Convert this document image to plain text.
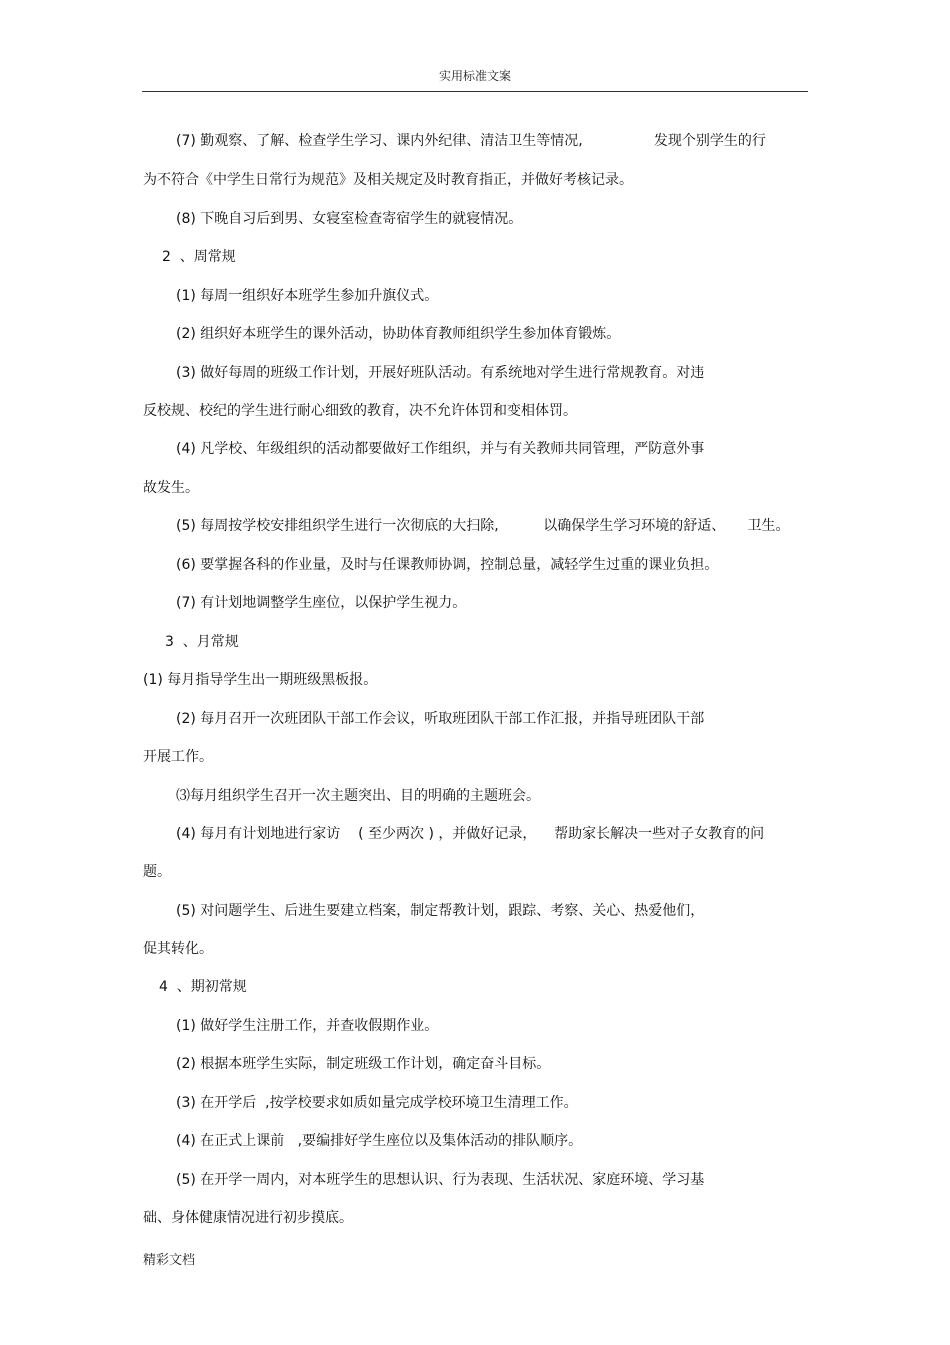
实用标准文案
(7) 勤观察、了解、检查学生学习、课内外纪律、清洁卫生等情况,                发现个别学生的行
为不符合《中学生日常行为规范》及相关规定及时教育指正，并做好考核记录。
(8) 下晚自习后到男、女寝室检查寄宿学生的就寝情况。
2  、周常规
(1) 每周一组织好本班学生参加升旗仪式。
(2) 组织好本班学生的课外活动，协助体育教师组织学生参加体育锻炼。
(3) 做好每周的班级工作计划，开展好班队活动。有系统地对学生进行常规教育。对违
反校规、校纪的学生进行耐心细致的教育，决不允许体罚和变相体罚。
(4) 凡学校、年级组织的活动都要做好工作组织，并与有关教师共同管理，严防意外事
故发生。
(5) 每周按学校安排组织学生进行一次彻底的大扫除,          以确保学生学习环境的舒适、     卫生。
(6) 要掌握各科的作业量，及时与任课教师协调，控制总量，减轻学生过重的课业负担。
(7) 有计划地调整学生座位，以保护学生视力。
3  、月常规
(1) 每月指导学生出一期班级黑板报。
(2) 每月召开一次班团队干部工作会议，听取班团队干部工作汇报，并指导班团队干部
开展工作。
⑶每月组织学生召开一次主题突出、目的明确的主题班会。
(4) 每月有计划地进行家访    ( 至少两次 ) ，并做好记录，    帮助家长解决一些对子女教育的问
题。
(5) 对问题学生、后进生要建立档案，制定帮教计划，跟踪、考察、关心、热爱他们，
促其转化。
4  、期初常规
(1) 做好学生注册工作，并查收假期作业。
(2) 根据本班学生实际，制定班级工作计划，确定奋斗目标。
(3) 在开学后  ,按学校要求如质如量完成学校环境卫生清理工作。
(4) 在正式上课前   ,要编排好学生座位以及集体活动的排队顺序。
(5) 在开学一周内，对本班学生的思想认识、行为表现、生活状况、家庭环境、学习基
础、身体健康情况进行初步摸底。
精彩文档
